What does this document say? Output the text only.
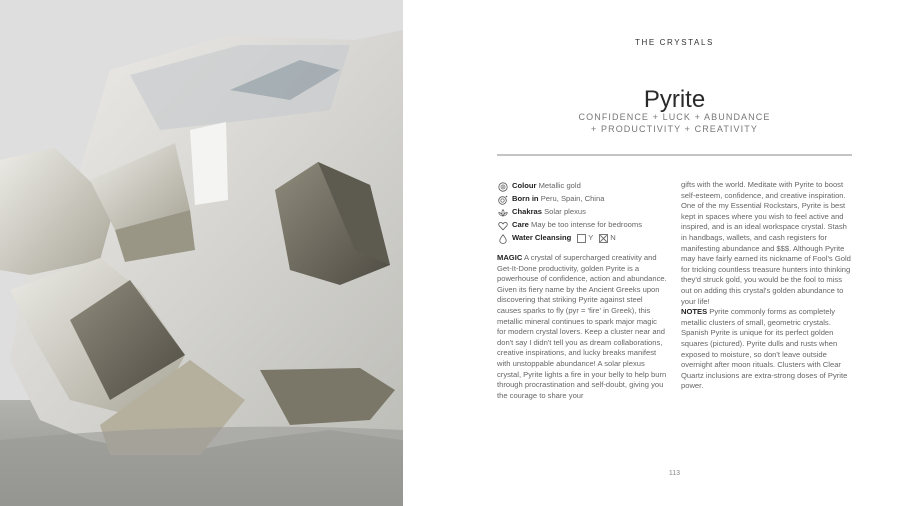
THE CRYSTALS
Pyrite
CONFIDENCE + LUCK + ABUNDANCE
+ PRODUCTIVITY + CREATIVITY
Colour
Metallic gold
Born in
Peru, Spain, China
Chakras
Solar plexus
Care
May be too intense for bedrooms
Water Cleansing Y N

MAGIC A crystal of supercharged creativity and Get-It-Done productivity, golden Pyrite is a powerhouse of confidence, action and abundance. Given its fiery name by the Ancient Greeks upon discovering that striking Pyrite against steel causes sparks to fly (pyr = 'fire' in Greek), this metallic mineral continues to spark major magic for modern crystal lovers. Keep a cluster near and don't say I didn't tell you as dream collaborations, creative inspirations, and lucky breaks manifest with unstoppable abundance! A solar plexus crystal, Pyrite lights a fire in your belly to help burn through procrastination and self-doubt, giving you the courage to share your

gifts with the world. Meditate with Pyrite to boost self-esteem, confidence, and creative inspiration. One of the my Essential Rockstars, Pyrite is best kept in spaces where you wish to feel active and inspired, and is an ideal workspace crystal. Stash in handbags, wallets, and cash registers for manifesting abundance and $$$. Although Pyrite may have fairly earned its nickname of Fool's Gold for tricking countless treasure hunters into thinking they'd struck gold, you would be the fool to miss out on adding this crystal's golden abundance to your life!

NOTES Pyrite commonly forms as completely metallic clusters of small, geometric crystals. Spanish Pyrite is unique for its perfect golden squares (pictured). Pyrite dulls and rusts when exposed to moisture, so don't leave outside overnight after moon rituals. Clusters with Clear Quartz inclusions are extra-strong doses of Pyrite power.

113
